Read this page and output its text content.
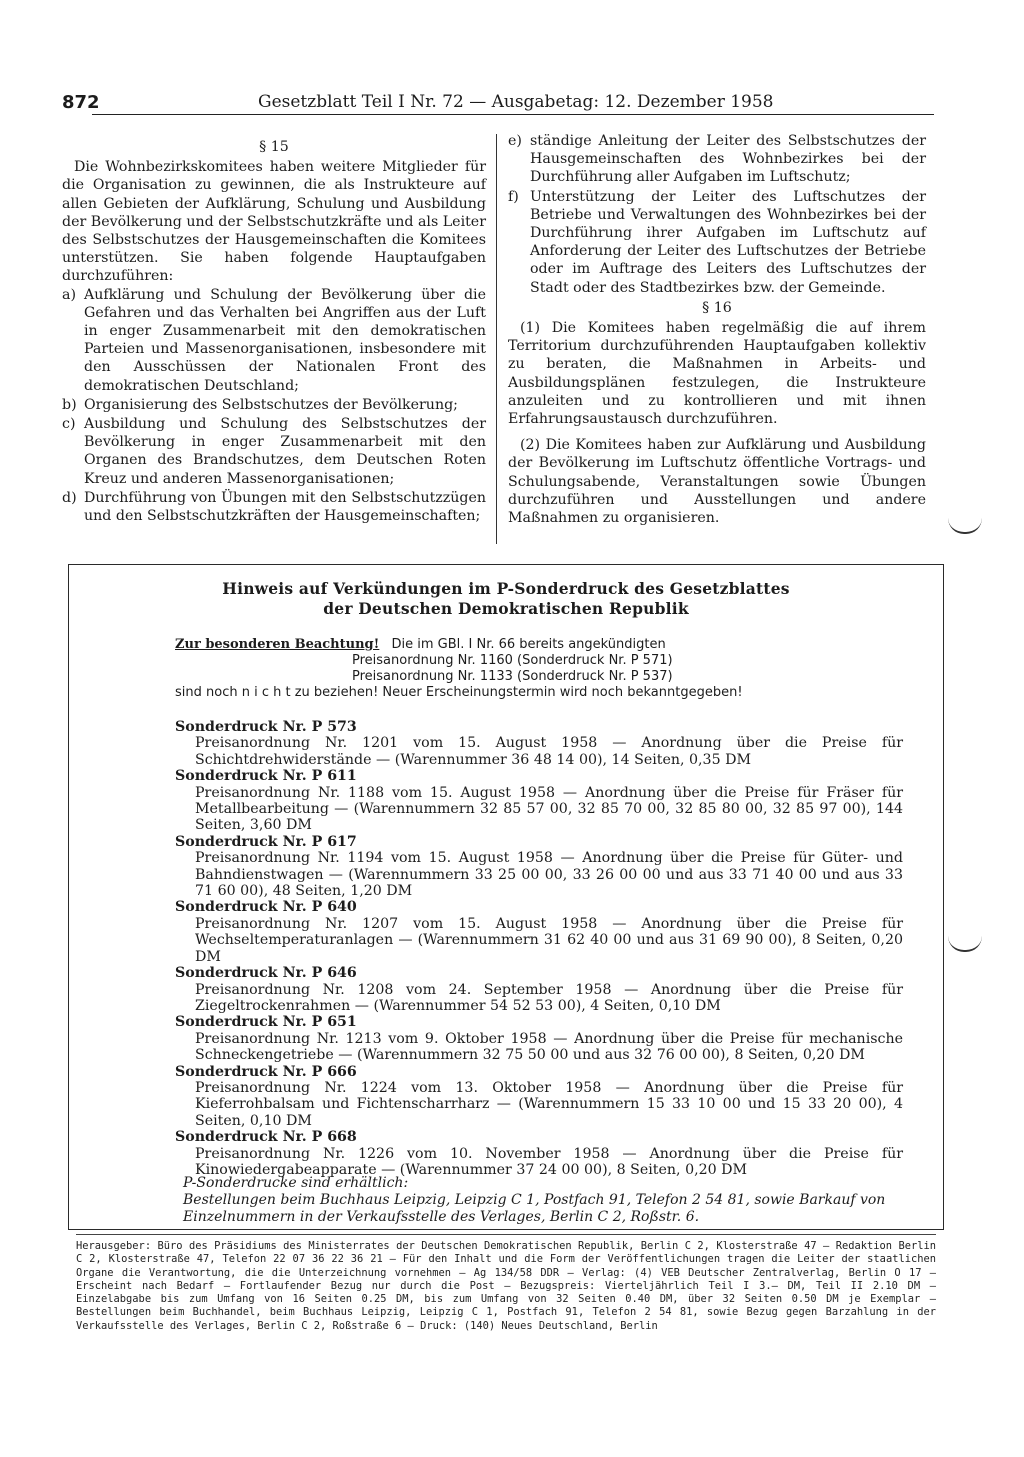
872	Gesetzblatt Teil I Nr. 72 — Ausgabetag: 12. Dezember 1958
§ 15

Die Wohnbezirkskomitees haben weitere Mitglieder für die Organisation zu gewinnen, die als Instrukteure auf allen Gebieten der Aufklärung, Schulung und Ausbildung der Bevölkerung und der Selbstschutzkräfte und als Leiter des Selbstschutzes der Hausgemeinschaften die Komitees unterstützen. Sie haben folgende Hauptaufgaben durchzuführen:

a) Aufklärung und Schulung der Bevölkerung über die Gefahren und das Verhalten bei Angriffen aus der Luft in enger Zusammenarbeit mit den demokratischen Parteien und Massenorganisationen, insbesondere mit den Ausschüssen der Nationalen Front des demokratischen Deutschland;
b) Organisierung des Selbstschutzes der Bevölkerung;
c) Ausbildung und Schulung des Selbstschutzes der Bevölkerung in enger Zusammenarbeit mit den Organen des Brandschutzes, dem Deutschen Roten Kreuz und anderen Massenorganisationen;
d) Durchführung von Übungen mit den Selbstschutzzügen und den Selbstschutzkräften der Hausgemeinschaften;
e) ständige Anleitung der Leiter des Selbstschutzes der Hausgemeinschaften des Wohnbezirkes bei der Durchführung aller Aufgaben im Luftschutz;
f) Unterstützung der Leiter des Luftschutzes der Betriebe und Verwaltungen des Wohnbezirkes bei der Durchführung ihrer Aufgaben im Luftschutz auf Anforderung der Leiter des Luftschutzes der Betriebe oder im Auftrage des Leiters des Luftschutzes der Stadt oder des Stadtbezirkes bzw. der Gemeinde.
§ 16

(1) Die Komitees haben regelmäßig die auf ihrem Territorium durchzuführenden Hauptaufgaben kollektiv zu beraten, die Maßnahmen in Arbeits- und Ausbildungsplänen festzulegen, die Instrukteure anzuleiten und zu kontrollieren und mit ihnen Erfahrungsaustausch durchzuführen.

(2) Die Komitees haben zur Aufklärung und Ausbildung der Bevölkerung im Luftschutz öffentliche Vortrags- und Schulungsabende, Veranstaltungen sowie Übungen durchzuführen und Ausstellungen und andere Maßnahmen zu organisieren.

Hinweis auf Verkündungen im P-Sonderdruck des Gesetzblattes
der Deutschen Demokratischen Republik
Zur besonderen Beachtung! Die im GBl. I Nr. 66 bereits angekündigten
Preisanordnung Nr. 1160 (Sonderdruck Nr. P 571)
Preisanordnung Nr. 1133 (Sonderdruck Nr. P 537)
sind noch n i c h t zu beziehen! Neuer Erscheinungstermin wird noch bekanntgegeben!
Sonderdruck Nr. P 573
Preisanordnung Nr. 1201 vom 15. August 1958 — Anordnung über die Preise für Schichtdrehwiderstände — (Warennummer 36 48 14 00), 14 Seiten, 0,35 DM
Sonderdruck Nr. P 611
Preisanordnung Nr. 1188 vom 15. August 1958 — Anordnung über die Preise für Fräser für Metallbearbeitung — (Warennummern 32 85 57 00, 32 85 70 00, 32 85 80 00, 32 85 97 00), 144 Seiten, 3,60 DM
Sonderdruck Nr. P 617
Preisanordnung Nr. 1194 vom 15. August 1958 — Anordnung über die Preise für Güter- und Bahndienstwagen — (Warennummern 33 25 00 00, 33 26 00 00 und aus 33 71 40 00 und aus 33 71 60 00), 48 Seiten, 1,20 DM
Sonderdruck Nr. P 640
Preisanordnung Nr. 1207 vom 15. August 1958 — Anordnung über die Preise für Wechseltemperaturanlagen — (Warennummern 31 62 40 00 und aus 31 69 90 00), 8 Seiten, 0,20 DM
Sonderdruck Nr. P 646
Preisanordnung Nr. 1208 vom 24. September 1958 — Anordnung über die Preise für Ziegeltrockenrahmen — (Warennummer 54 52 53 00), 4 Seiten, 0,10 DM
Sonderdruck Nr. P 651
Preisanordnung Nr. 1213 vom 9. Oktober 1958 — Anordnung über die Preise für mechanische Schneckengetriebe — (Warennummern 32 75 50 00 und aus 32 76 00 00), 8 Seiten, 0,20 DM
Sonderdruck Nr. P 666
Preisanordnung Nr. 1224 vom 13. Oktober 1958 — Anordnung über die Preise für Kieferrohbalsam und Fichtenscharrharz — (Warennummern 15 33 10 00 und 15 33 20 00), 4 Seiten, 0,10 DM
Sonderdruck Nr. P 668
Preisanordnung Nr. 1226 vom 10. November 1958 — Anordnung über die Preise für Kinowiedergabeapparate — (Warennummer 37 24 00 00), 8 Seiten, 0,20 DM
P-Sonderdrucke sind erhältlich:
Bestellungen beim Buchhaus Leipzig, Leipzig C 1, Postfach 91, Telefon 2 54 81, sowie Barkauf von Einzelnummern in der Verkaufsstelle des Verlages, Berlin C 2, Roßstr. 6.
Herausgeber: Büro des Präsidiums des Ministerrates der Deutschen Demokratischen Republik, Berlin C 2, Klosterstraße 47 — Redaktion Berlin C 2, Klosterstraße 47, Telefon 22 07 36 22 36 21 — Für den Inhalt und die Form der Veröffentlichungen tragen die Leiter der staatlichen Organe die Verantwortung, die die Unterzeichnung vornehmen — Ag 134/58 DDR — Verlag: (4) VEB Deutscher Zentralverlag, Berlin O 17 — Erscheint nach Bedarf — Fortlaufender Bezug nur durch die Post — Bezugspreis: Vierteljährlich Teil I 3.— DM, Teil II 2.10 DM — Einzelabgabe bis zum Umfang von 16 Seiten 0.25 DM, bis zum Umfang von 32 Seiten 0.40 DM, über 32 Seiten 0.50 DM je Exemplar — Bestellungen beim Buchhandel, beim Buchhaus Leipzig, Leipzig C 1, Postfach 91, Telefon 2 54 81, sowie Bezug gegen Barzahlung in der Verkaufsstelle des Verlages, Berlin C 2, Roßstraße 6 — Druck: (140) Neues Deutschland, Berlin
